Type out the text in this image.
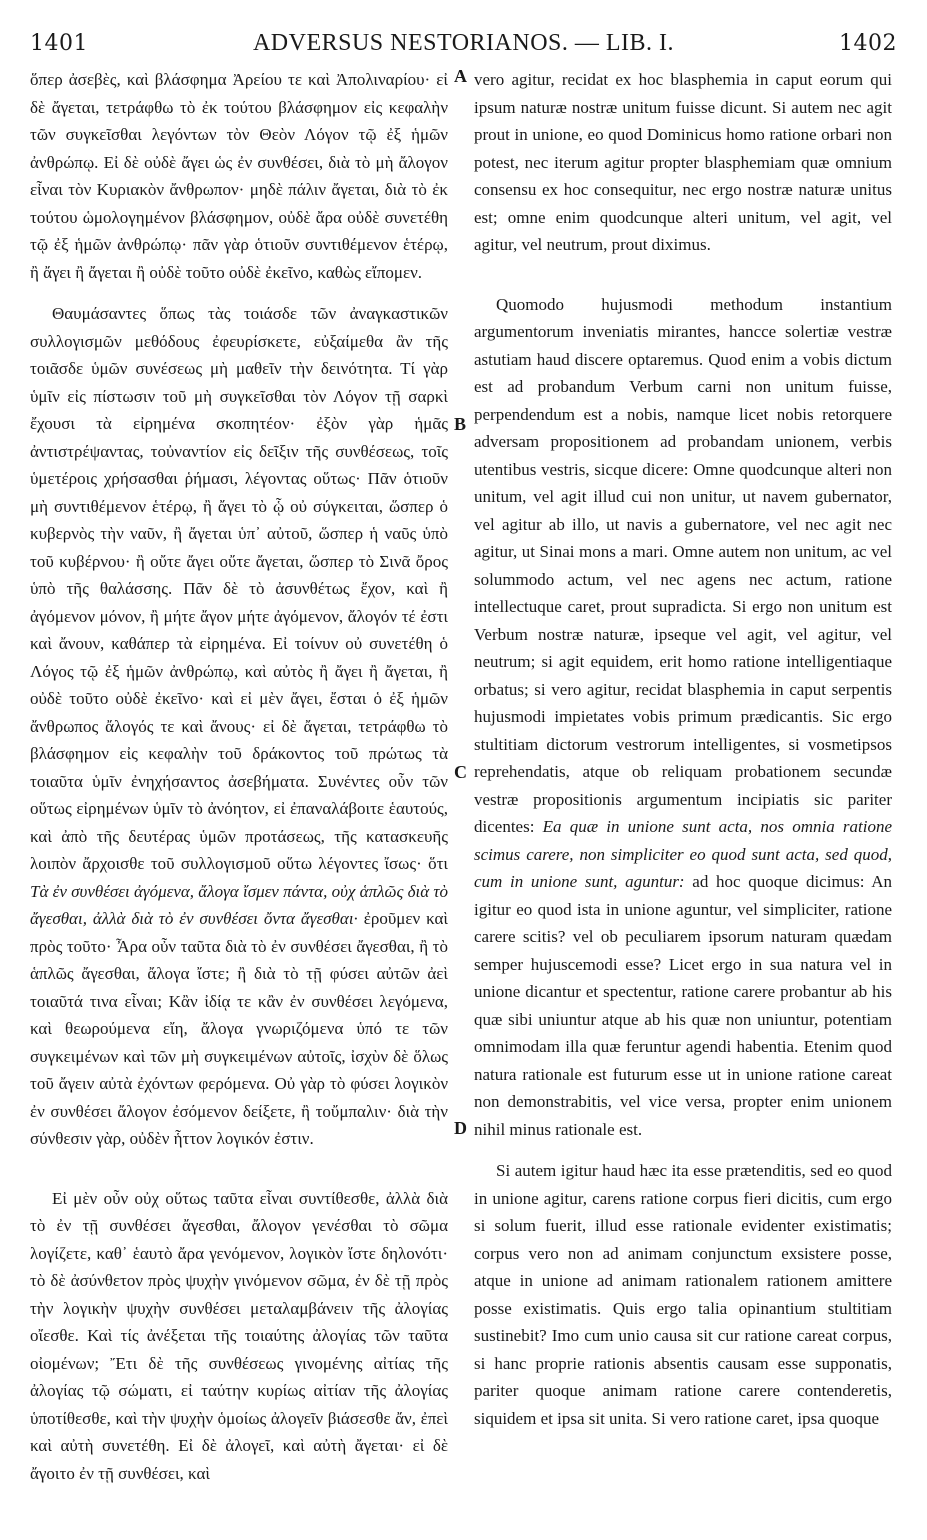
1401	ADVERSUS NESTORIANOS. — LIB. I.	1402

ὅπερ ἀσεβὲς, καὶ βλάσφημα Ἀρείου τε καὶ Ἀπολιναρίου· εἰ δὲ ἄγεται, τετράφθω τὸ ἐκ τούτου βλάσφημον εἰς κεφαλὴν τῶν συγκεῖσθαι λεγόντων τὸν Θεὸν Λόγον τῷ ἐξ ἡμῶν ἀνθρώπῳ. Εἰ δὲ οὐδὲ ἄγει ὡς ἐν συνθέσει, διὰ τὸ μὴ ἄλογον εἶναι τὸν Κυριακὸν ἄνθρωπον· μηδὲ πάλιν ἄγεται, διὰ τὸ ἐκ τούτου ὡμολογημένον βλάσφημον, οὐδὲ ἄρα οὐδὲ συνετέθη τῷ ἐξ ἡμῶν ἀνθρώπῳ· πᾶν γὰρ ὁτιοῦν συντιθέμενον ἑτέρῳ, ἢ ἄγει ἢ ἄγεται ἢ οὐδὲ τοῦτο οὐδὲ ἐκεῖνο, καθὼς εἴπομεν.

Θαυμάσαντες ὅπως τὰς τοιάσδε τῶν ἀναγκαστικῶν συλλογισμῶν μεθόδους ἐφευρίσκετε, εὐξαίμεθα ἂν τῆς τοιᾶσδε ὑμῶν συνέσεως μὴ μαθεῖν τὴν δεινότητα. Τί γὰρ ὑμῖν εἰς πίστωσιν τοῦ μὴ συγκεῖσθαι τὸν Λόγον τῇ σαρκὶ ἔχουσι τὰ εἰρημένα σκοπητέον· ἐξὸν γὰρ ἡμᾶς ἀντιστρέψαντας, τοὐναντίον εἰς δεῖξιν τῆς συνθέσεως, τοῖς ὑμετέροις χρήσασθαι ῥήμασι, λέγοντας οὕτως· Πᾶν ὁτιοῦν μὴ συντιθέμενον ἑτέρῳ, ἢ ἄγει τὸ ᾧ οὐ σύγκειται, ὥσπερ ὁ κυβερνὸς τὴν ναῦν, ἢ ἄγεται ὑπ᾽ αὐτοῦ, ὥσπερ ἡ ναῦς ὑπὸ τοῦ κυβέρνου· ἢ οὔτε ἄγει οὔτε ἄγεται, ὥσπερ τὸ Σινᾶ ὄρος ὑπὸ τῆς θαλάσσης. Πᾶν δὲ τὸ ἀσυνθέτως ἔχον, καὶ ἢ ἀγόμενον μόνον, ἢ μήτε ἄγον μήτε ἀγόμενον, ἄλογόν τέ ἐστι καὶ ἄνουν, καθάπερ τὰ εἰρημένα. Εἰ τοίνυν οὐ συνετέθη ὁ Λόγος τῷ ἐξ ἡμῶν ἀνθρώπῳ, καὶ αὐτὸς ἢ ἄγει ἢ ἄγεται, ἢ οὐδὲ τοῦτο οὐδὲ ἐκεῖνο· καὶ εἰ μὲν ἄγει, ἔσται ὁ ἐξ ἡμῶν ἄνθρωπος ἄλογός τε καὶ ἄνους· εἰ δὲ ἄγεται, τετράφθω τὸ βλάσφημον εἰς κεφαλὴν τοῦ δράκοντος τοῦ πρώτως τὰ τοιαῦτα ὑμῖν ἐνηχήσαντος ἀσεβήματα. Συνέντες οὖν τῶν οὕτως εἰρημένων ὑμῖν τὸ ἀνόητον, εἰ ἐπαναλάβοιτε ἑαυτούς, καὶ ἀπὸ τῆς δευτέρας ὑμῶν προτάσεως, τῆς κατασκευῆς λοιπὸν ἄρχοισθε τοῦ συλλογισμοῦ οὕτω λέγοντες ἴσως· ὅτι Τὰ ἐν συνθέσει ἀγόμενα, ἄλογα ἴσμεν πάντα, οὐχ ἁπλῶς διὰ τὸ ἄγεσθαι, ἀλλὰ διὰ τὸ ἐν συνθέσει ὄντα ἄγεσθαι· ἐροῦμεν καὶ πρὸς τοῦτο· Ἆρα οὖν ταῦτα διὰ τὸ ἐν συνθέσει ἄγεσθαι, ἢ τὸ ἁπλῶς ἄγεσθαι, ἄλογα ἴστε; ἢ διὰ τὸ τῇ φύσει αὐτῶν ἀεὶ τοιαῦτά τινα εἶναι; Κἂν ἰδίᾳ τε κἂν ἐν συνθέσει λεγόμενα, καὶ θεωρούμενα εἴη, ἄλογα γνωριζόμενα ὑπό τε τῶν συγκειμένων καὶ τῶν μὴ συγκειμένων αὐτοῖς, ἰσχὺν δὲ ὅλως τοῦ ἄγειν αὐτὰ ἐχόντων φερόμενα. Οὐ γὰρ τὸ φύσει λογικὸν ἐν συνθέσει ἄλογον ἐσόμενον δείξετε, ἢ τοὔμπαλιν· διὰ τὴν σύνθεσιν γὰρ, οὐδὲν ἧττον λογικόν ἐστιν.

Εἰ μὲν οὖν οὐχ οὕτως ταῦτα εἶναι συντίθεσθε, ἀλλὰ διὰ τὸ ἐν τῇ συνθέσει ἄγεσθαι, ἄλογον γενέσθαι τὸ σῶμα λογίζετε, καθ᾽ ἑαυτὸ ἄρα γενόμενον, λογικὸν ἴστε δηλονότι· τὸ δὲ ἀσύνθετον πρὸς ψυχὴν γινόμενον σῶμα, ἐν δὲ τῇ πρὸς τὴν λογικὴν ψυχὴν συνθέσει μεταλαμβάνειν τῆς ἀλογίας οἴεσθε. Καὶ τίς ἀνέξεται τῆς τοιαύτης ἀλογίας τῶν ταῦτα οἰομένων; Ἔτι δὲ τῆς συνθέσεως γινομένης αἰτίας τῆς ἀλογίας τῷ σώματι, εἰ ταύτην κυρίως αἰτίαν τῆς ἀλογίας ὑποτίθεσθε, καὶ τὴν ψυχὴν ὁμοίως ἀλογεῖν βιάσεσθε ἄν, ἐπεὶ καὶ αὐτὴ συνετέθη. Εἰ δὲ ἀλογεῖ, καὶ αὐτὴ ἄγεται· εἰ δὲ ἄγοιτο ἐν τῇ συνθέσει, καὶ

A
B
C
D

vero agitur, recidat ex hoc blasphemia in caput eorum qui ipsum naturæ nostræ unitum fuisse dicunt. Si autem nec agit prout in unione, eo quod Dominicus homo ratione orbari non potest, nec iterum agitur propter blasphemiam quæ omnium consensu ex hoc consequitur, nec ergo nostræ naturæ unitus est; omne enim quodcunque alteri unitum, vel agit, vel agitur, vel neutrum, prout diximus.

Quomodo hujusmodi methodum instantium argumentorum inveniatis mirantes, hancce solertiæ vestræ astutiam haud discere optaremus. Quod enim a vobis dictum est ad probandum Verbum carni non unitum fuisse, perpendendum est a nobis, namque licet nobis retorquere adversam propositionem ad probandam unionem, verbis utentibus vestris, sicque dicere: Omne quodcunque alteri non unitum, vel agit illud cui non unitur, ut navem gubernator, vel agitur ab illo, ut navis a gubernatore, vel nec agit nec agitur, ut Sinai mons a mari. Omne autem non unitum, ac vel solummodo actum, vel nec agens nec actum, ratione intellectuque caret, prout supradicta. Si ergo non unitum est Verbum nostræ naturæ, ipseque vel agit, vel agitur, vel neutrum; si agit equidem, erit homo ratione intelligentiaque orbatus; si vero agitur, recidat blasphemia in caput serpentis hujusmodi impietates vobis primum prædicantis. Sic ergo stultitiam dictorum vestrorum intelligentes, si vosmetipsos reprehendatis, atque ob reliquam probationem secundæ vestræ propositionis argumentum incipiatis sic pariter dicentes: Ea quæ in unione sunt acta, nos omnia ratione scimus carere, non simpliciter eo quod sunt acta, sed quod, cum in unione sunt, aguntur: ad hoc quoque dicimus: An igitur eo quod ista in unione aguntur, vel simpliciter, ratione carere scitis? vel ob peculiarem ipsorum naturam quædam semper hujuscemodi esse? Licet ergo in sua natura vel in unione dicantur et spectentur, ratione carere probantur ab his quæ sibi uniuntur atque ab his quæ non uniuntur, potentiam omnimodam illa quæ feruntur agendi habentia. Etenim quod natura rationale est futurum esse ut in unione ratione careat non demonstrabitis, vel vice versa, propter enim unionem nihil minus rationale est.

Si autem igitur haud hæc ita esse prætenditis, sed eo quod in unione agitur, carens ratione corpus fieri dicitis, cum ergo si solum fuerit, illud esse rationale evidenter existimatis; corpus vero non ad animam conjunctum exsistere posse, atque in unione ad animam rationalem rationem amittere posse existimatis. Quis ergo talia opinantium stultitiam sustinebit? Imo cum unio causa sit cur ratione careat corpus, si hanc proprie rationis absentis causam esse supponatis, pariter quoque animam ratione carere contenderetis, siquidem et ipsa sit unita. Si vero ratione caret, ipsa quoque
